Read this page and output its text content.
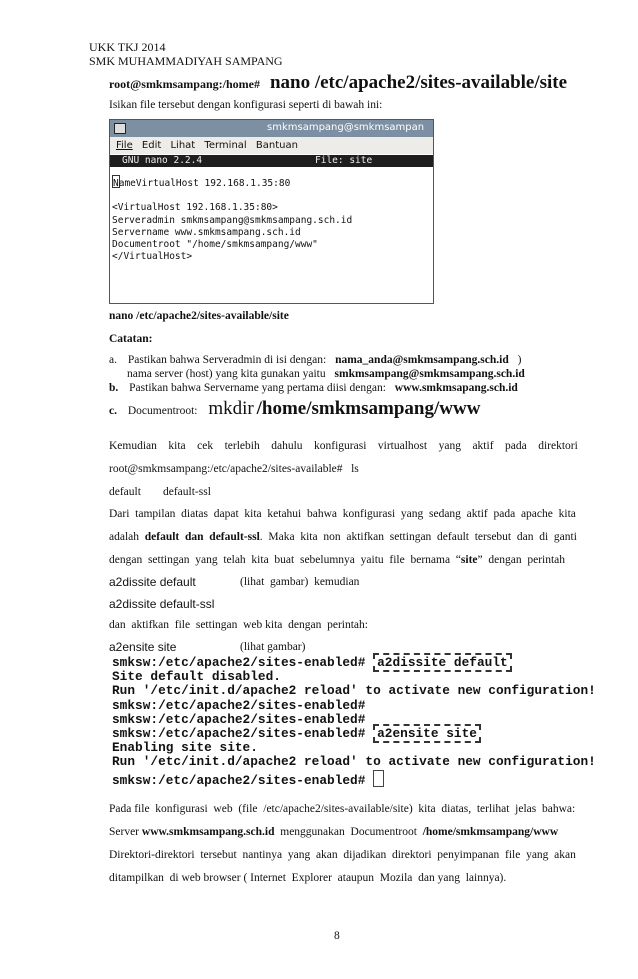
UKK TKJ 2014
SMK MUHAMMADIYAH SAMPANG
root@smkmsampang:/home# nano /etc/apache2/sites-available/site
Isikan file tersebut dengan konfigurasi seperti di bawah ini:
smkmsampang@smkmsampan
File Edit Lihat Terminal Bantuan
GNU nano 2.2.4	File: site
NameVirtualHost 192.168.1.35:80

<VirtualHost 192.168.1.35:80>
Serveradmin smkmsampang@smkmsampang.sch.id
Servername www.smkmsampang.sch.id
Documentroot "/home/smkmsampang/www"
</VirtualHost>
nano /etc/apache2/sites-available/site
Catatan:
a. Pastikan bahwa Serveradmin di isi dengan: nama_anda@smkmsampang.sch.id )
nama server (host) yang kita gunakan yaitu smkmsampang@smkmsampang.sch.id
b. Pastikan bahwa Servername yang pertama diisi dengan: www.smkmsapang.sch.id
c. Documentroot: mkdir /home/smkmsampang/www
Kemudian    kita    cek    terlebih    dahulu    konfigurasi    virtualhost    yang    aktif    pada    direktori
root@smkmsampang:/etc/apache2/sites-available#   ls
default default-ssl
Dari  tampilan  diatas  dapat  kita  ketahui  bahwa  konfigurasi  yang  sedang  aktif  pada  apache  kita
adalah default  dan  default-ssl.  Maka  kita  non  aktifkan  settingan  default  tersebut  dan  di  ganti
dengan  settingan  yang  telah  kita  buat  sebelumnya  yaitu  file  bernama  “site”  dengan  perintah
a2dissite default	(lihat  gambar)  kemudian
a2dissite default-ssl
dan  aktifkan  file  settingan  web kita  dengan  perintah:
a2ensite site	(lihat gambar)
smksw:/etc/apache2/sites-enabled# a2dissite default
Site default disabled.
Run '/etc/init.d/apache2 reload' to activate new configuration!
smksw:/etc/apache2/sites-enabled#
smksw:/etc/apache2/sites-enabled#
smksw:/etc/apache2/sites-enabled# a2ensite site
Enabling site site.
Run '/etc/init.d/apache2 reload' to activate new configuration!
smksw:/etc/apache2/sites-enabled#
Pada file  konfigurasi  web  (file  /etc/apache2/sites-available/site)  kita  diatas,  terlihat  jelas  bahwa:
Server www.smkmsampang.sch.id menggunakan  Documentroot /home/smkmsampang/www
Direktori-direktori  tersebut  nantinya  yang  akan  dijadikan  direktori  penyimpanan  file  yang  akan
ditampilkan  di web browser ( Internet  Explorer  ataupun  Mozila  dan yang  lainnya).
8
